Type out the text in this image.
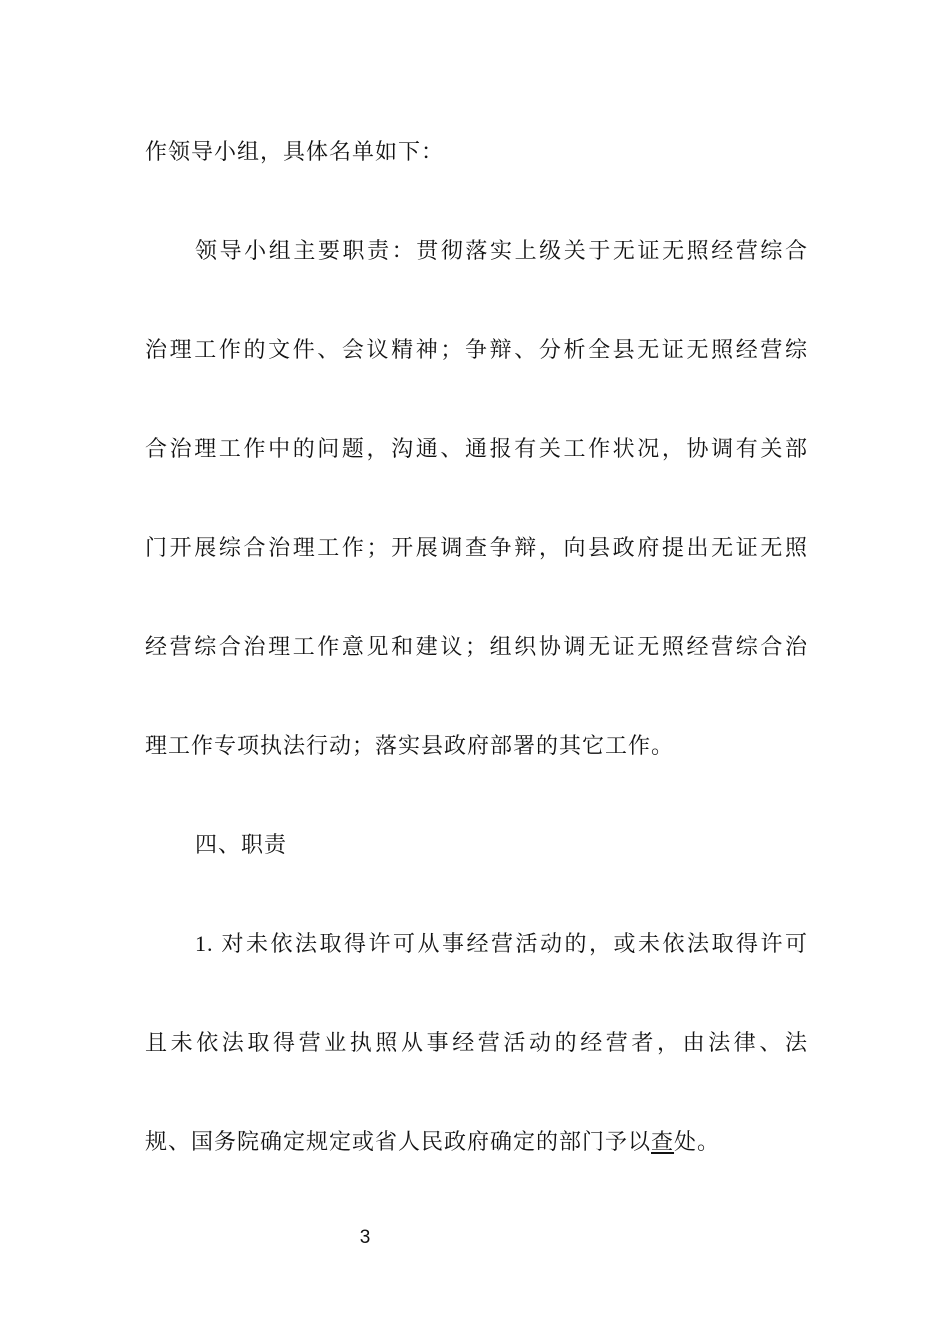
作领导小组，具体名单如下：
领导小组主要职责：贯彻落实上级关于无证无照经营综合
治理工作的文件、会议精神；争辩、分析全县无证无照经营综
合治理工作中的问题，沟通、通报有关工作状况，协调有关部
门开展综合治理工作；开展调查争辩，向县政府提出无证无照
经营综合治理工作意见和建议；组织协调无证无照经营综合治
理工作专项执法行动；落实县政府部署的其它工作。
四、职责
1. 对未依法取得许可从事经营活动的，或未依法取得许可
且未依法取得营业执照从事经营活动的经营者，由法律、法
规、国务院确定规定或省人民政府确定的部门予以查处。
3
